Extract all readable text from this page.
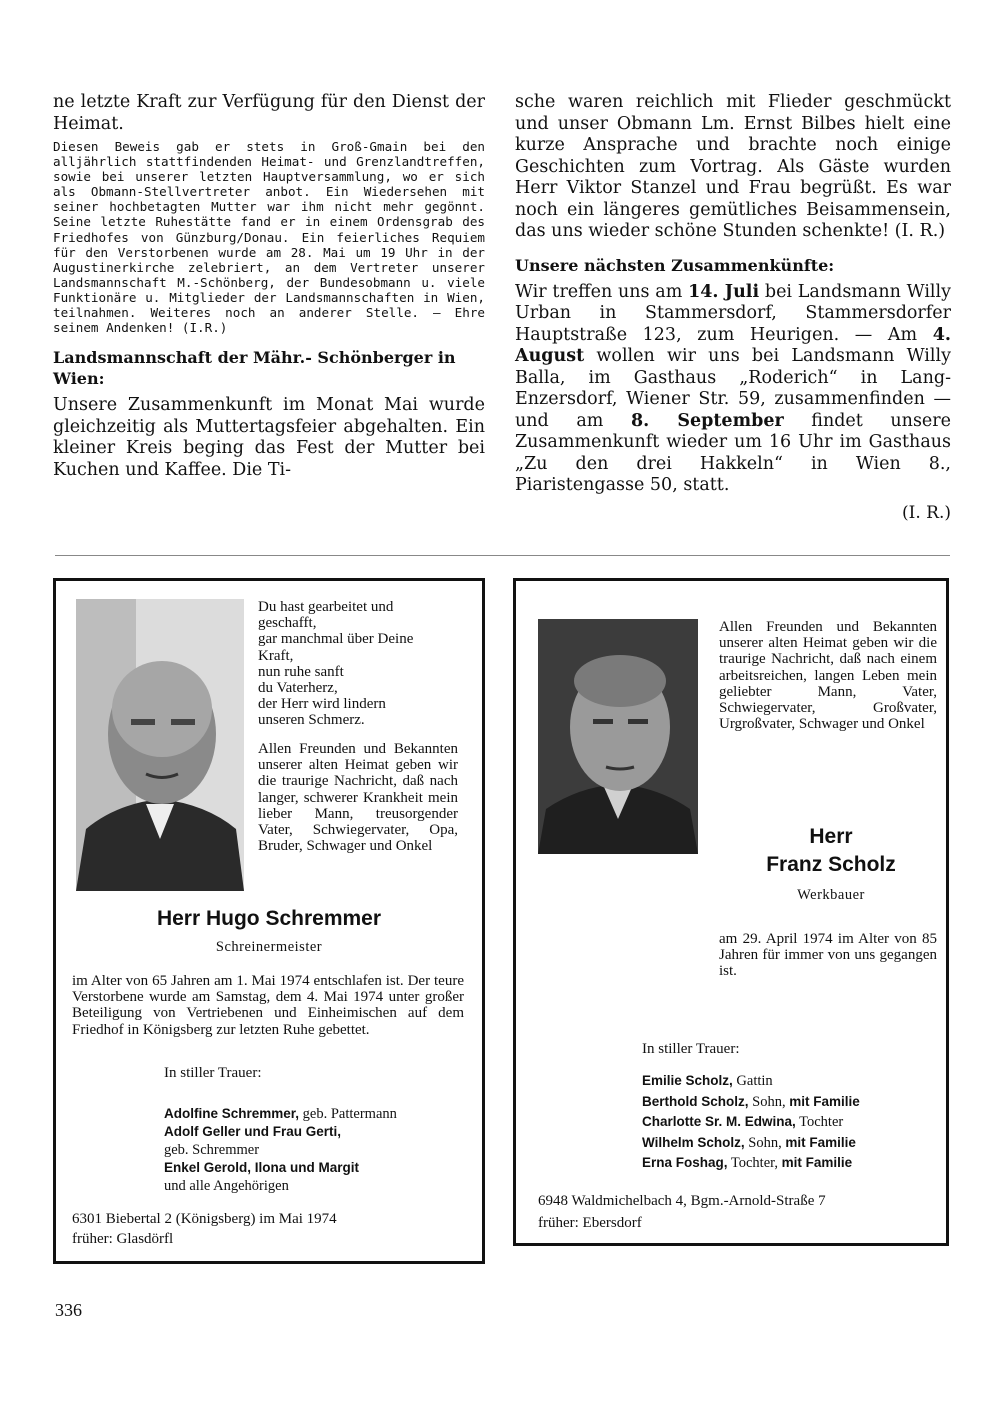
ne letzte Kraft zur Verfügung für den Dienst der Heimat.

Diesen Beweis gab er stets in Groß-Gmain bei den alljährlich stattfindenden Heimat- und Grenzlandtreffen, sowie bei unserer letzten Hauptversammlung, wo er sich als Obmann-Stellvertreter anbot. Ein Wiedersehen mit seiner hochbetagten Mutter war ihm nicht mehr gegönnt. Seine letzte Ruhestätte fand er in einem Ordensgrab des Friedhofes von Günzburg/Donau. Ein feierliches Requiem für den Verstorbenen wurde am 28. Mai um 19 Uhr in der Augustinerkirche zelebriert, an dem Vertreter unserer Landsmannschaft M.-Schönberg, der Bundesobmann u. viele Funktionäre u. Mitglieder der Landsmannschaften in Wien, teilnahmen. Weiteres noch an anderer Stelle. — Ehre seinem Andenken! (I.R.)

Landsmannschaft der Mähr.- Schönberger in Wien:

Unsere Zusammenkunft im Monat Mai wurde gleichzeitig als Muttertagsfeier abgehalten. Ein kleiner Kreis beging das Fest der Mutter bei Kuchen und Kaffee. Die Ti-

sche waren reichlich mit Flieder geschmückt und unser Obmann Lm. Ernst Bilbes hielt eine kurze Ansprache und brachte noch einige Geschichten zum Vortrag. Als Gäste wurden Herr Viktor Stanzel und Frau begrüßt. Es war noch ein längeres gemütliches Beisammensein, das uns wieder schöne Stunden schenkte! (I. R.)

Unsere nächsten Zusammenkünfte:

Wir treffen uns am 14. Juli bei Landsmann Willy Urban in Stammersdorf, Stammersdorfer Hauptstraße 123, zum Heurigen. — Am 4. August wollen wir uns bei Landsmann Willy Balla, im Gasthaus „Roderich“ in Lang-Enzersdorf, Wiener Str. 59, zusammenfinden — und am 8. September findet unsere Zusammenkunft wieder um 16 Uhr im Gasthaus „Zu den drei Hakkeln“ in Wien 8., Piaristengasse 50, statt.

(I. R.)

Du hast gearbeitet und
geschafft,
gar manchmal über Deine
Kraft,
nun ruhe sanft
du Vaterherz,
der Herr wird lindern
unseren Schmerz.
Allen Freunden und Bekannten unserer alten Heimat geben wir die traurige Nachricht, daß nach langer, schwerer Krankheit mein lieber Mann, treusorgender Vater, Schwiegervater, Opa, Bruder, Schwager und Onkel
Herr Hugo Schremmer
Schreinermeister
im Alter von 65 Jahren am 1. Mai 1974 entschlafen ist. Der teure Verstorbene wurde am Samstag, dem 4. Mai 1974 unter großer Beteiligung von Vertriebenen und Einheimischen auf dem Friedhof in Königsberg zur letzten Ruhe gebettet.
In stiller Trauer:
Adolfine Schremmer, geb. Pattermann
Adolf Geller und Frau Gerti,
geb. Schremmer
Enkel Gerold, Ilona und Margit
und alle Angehörigen
6301 Biebertal 2 (Königsberg) im Mai 1974
früher: Glasdörfl
Allen Freunden und Bekannten unserer alten Heimat geben wir die traurige Nachricht, daß nach einem arbeitsreichen, langen Leben mein geliebter Mann, Vater, Schwiegervater, Großvater, Urgroßvater, Schwager und Onkel
Herr
Franz Scholz
Werkbauer
am 29. April 1974 im Alter von 85 Jahren für immer von uns gegangen ist.
In stiller Trauer:
Emilie Scholz, Gattin
Berthold Scholz, Sohn, mit Familie
Charlotte Sr. M. Edwina, Tochter
Wilhelm Scholz, Sohn, mit Familie
Erna Foshag, Tochter, mit Familie
6948 Waldmichelbach 4, Bgm.-Arnold-Straße 7
früher: Ebersdorf
336
